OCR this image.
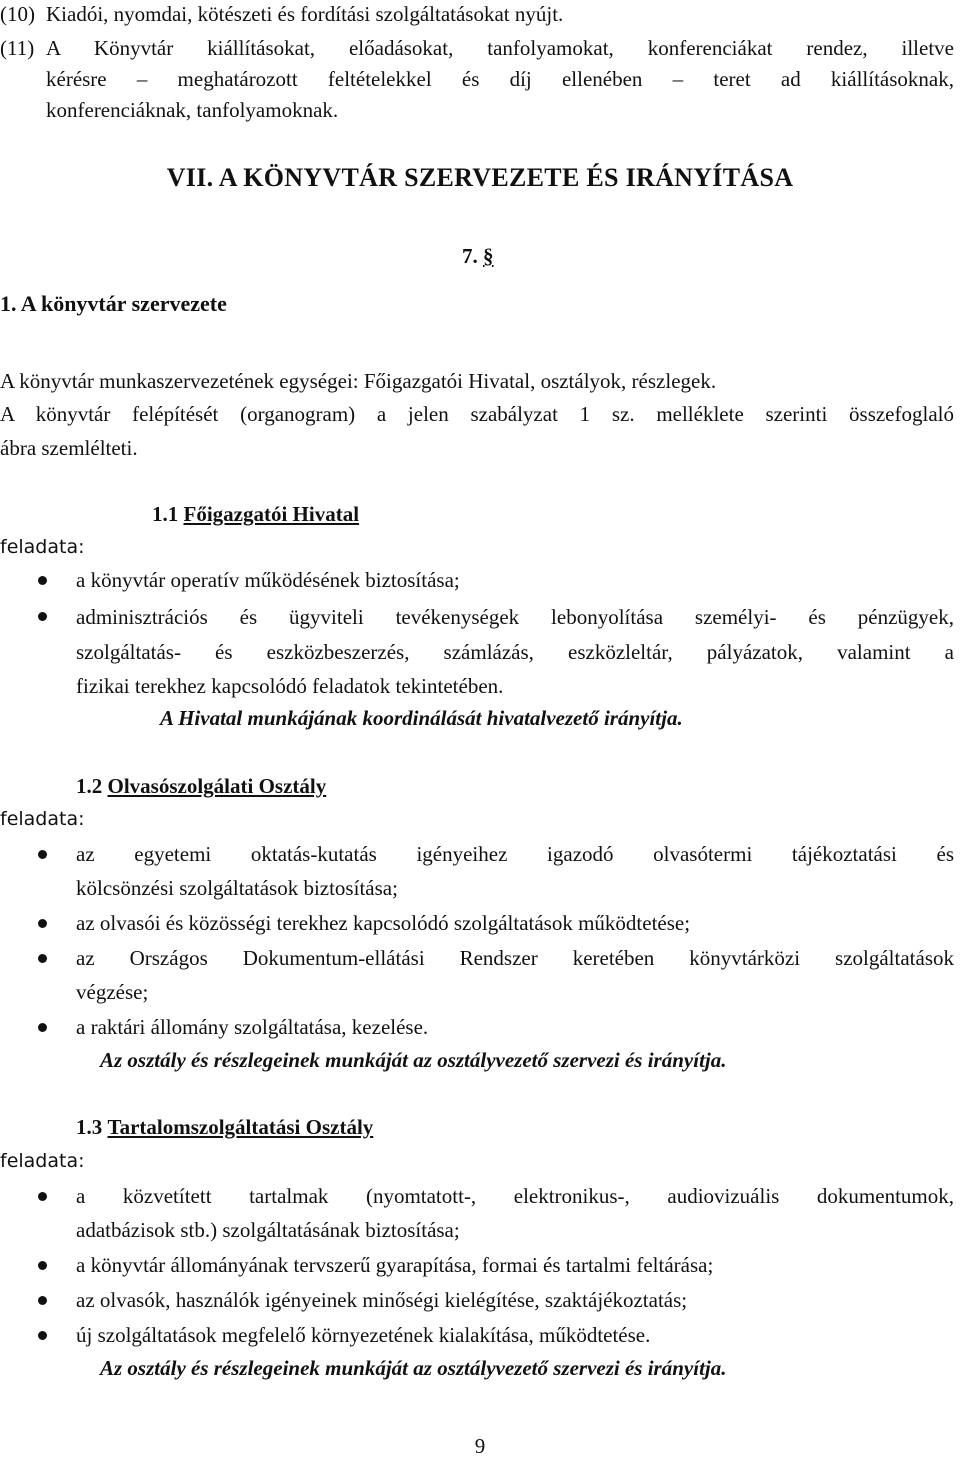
(10) Kiadói, nyomdai, kötészeti és fordítási szolgáltatásokat nyújt.
(11) A Könyvtár kiállításokat, előadásokat, tanfolyamokat, konferenciákat rendez, illetve
kérésre – meghatározott feltételekkel és díj ellenében – teret ad kiállításoknak,
konferenciáknak, tanfolyamoknak.
VII. A KÖNYVTÁR SZERVEZETE ÉS IRÁNYÍTÁSA
7. §
1. A könyvtár szervezete
A könyvtár munkaszervezetének egységei: Főigazgatói Hivatal, osztályok, részlegek.
A könyvtár felépítését (organogram) a jelen szabályzat 1 sz. melléklete szerinti összefoglaló
ábra szemlélteti.
1.1 Főigazgatói Hivatal
feladata:
a könyvtár operatív működésének biztosítása;
adminisztrációs és ügyviteli tevékenységek lebonyolítása személyi- és pénzügyek,
szolgáltatás- és eszközbeszerzés, számlázás, eszközleltár, pályázatok, valamint a
fizikai terekhez kapcsolódó feladatok tekintetében.
A Hivatal munkájának koordinálását hivatalvezető irányítja.
1.2 Olvasószolgálati Osztály
feladata:
az egyetemi oktatás-kutatás igényeihez igazodó olvasótermi tájékoztatási és
kölcsönzési szolgáltatások biztosítása;
az olvasói és közösségi terekhez kapcsolódó szolgáltatások működtetése;
az Országos Dokumentum-ellátási Rendszer keretében könyvtárközi szolgáltatások
végzése;
a raktári állomány szolgáltatása, kezelése.
Az osztály és részlegeinek munkáját az osztályvezető szervezi és irányítja.
1.3 Tartalomszolgáltatási Osztály
feladata:
a közvetített tartalmak (nyomtatott-, elektronikus-, audiovizuális dokumentumok,
adatbázisok stb.) szolgáltatásának biztosítása;
a könyvtár állományának tervszerű gyarapítása, formai és tartalmi feltárása;
az olvasók, használók igényeinek minőségi kielégítése, szaktájékoztatás;
új szolgáltatások megfelelő környezetének kialakítása, működtetése.
Az osztály és részlegeinek munkáját az osztályvezető szervezi és irányítja.
9
